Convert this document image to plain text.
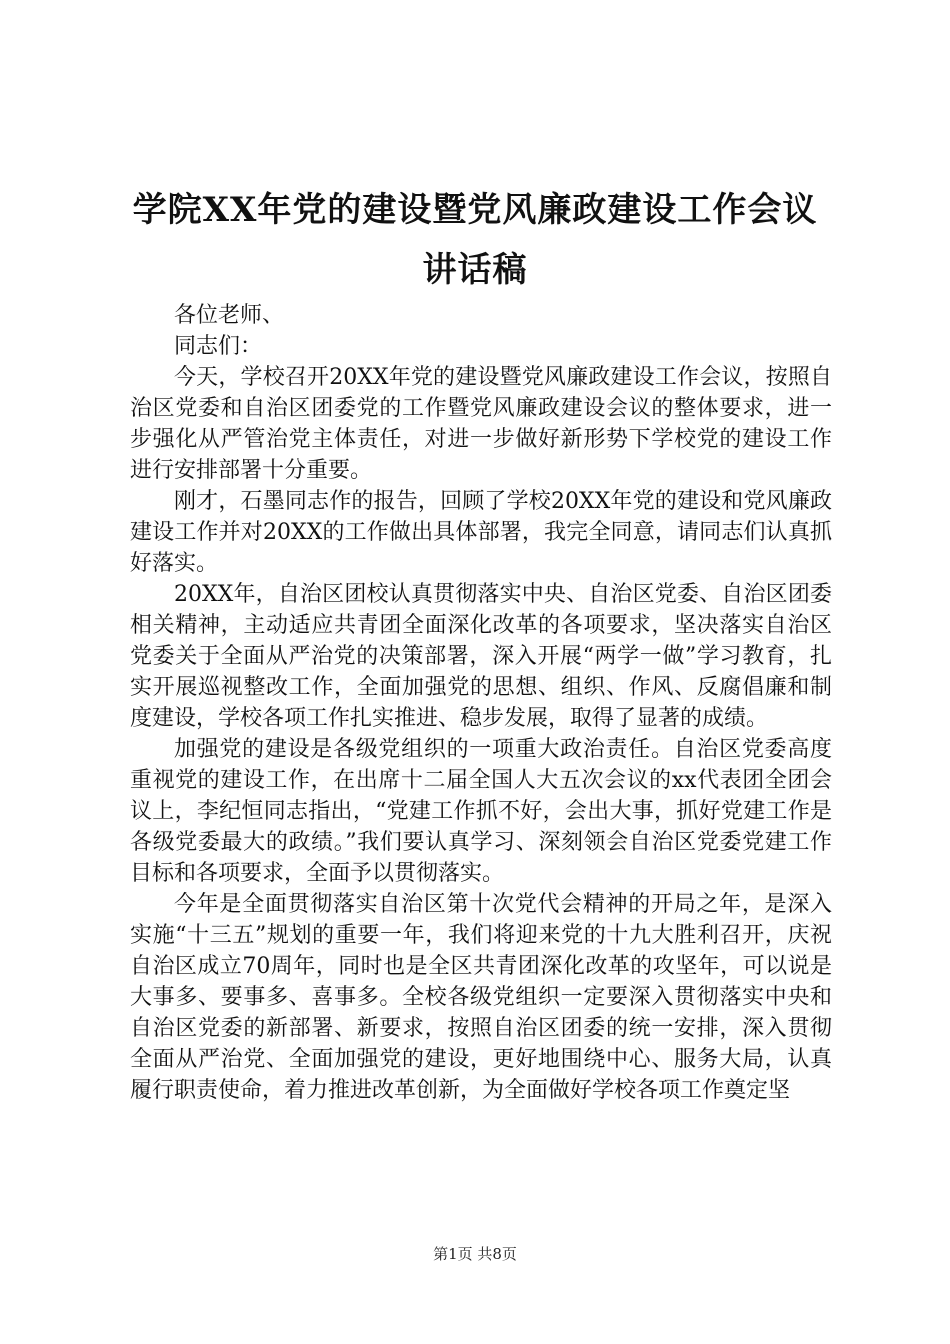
学院XX年党的建设暨党风廉政建设工作会议
讲话稿

各位老师、

同志们：

今天，学校召开20XX年党的建设暨党风廉政建设工作会议，按照自治区党委和自治区团委党的工作暨党风廉政建设会议的整体要求，进一步强化从严管治党主体责任，对进一步做好新形势下学校党的建设工作进行安排部署十分重要。

刚才，石墨同志作的报告，回顾了学校20XX年党的建设和党风廉政建设工作并对20XX的工作做出具体部署，我完全同意，请同志们认真抓好落实。

20XX年，自治区团校认真贯彻落实中央、自治区党委、自治区团委相关精神，主动适应共青团全面深化改革的各项要求，坚决落实自治区党委关于全面从严治党的决策部署，深入开展“两学一做”学习教育，扎实开展巡视整改工作，全面加强党的思想、组织、作风、反腐倡廉和制度建设，学校各项工作扎实推进、稳步发展，取得了显著的成绩。

加强党的建设是各级党组织的一项重大政治责任。自治区党委高度重视党的建设工作，在出席十二届全国人大五次会议的xx代表团全团会议上，李纪恒同志指出，“党建工作抓不好，会出大事，抓好党建工作是各级党委最大的政绩。”我们要认真学习、深刻领会自治区党委党建工作目标和各项要求，全面予以贯彻落实。

今年是全面贯彻落实自治区第十次党代会精神的开局之年，是深入实施“十三五”规划的重要一年，我们将迎来党的十九大胜利召开，庆祝自治区成立70周年，同时也是全区共青团深化改革的攻坚年，可以说是大事多、要事多、喜事多。全校各级党组织一定要深入贯彻落实中央和自治区党委的新部署、新要求，按照自治区团委的统一安排，深入贯彻全面从严治党、全面加强党的建设，更好地围绕中心、服务大局，认真履行职责使命，着力推进改革创新，为全面做好学校各项工作奠定坚

第1页 共8页
